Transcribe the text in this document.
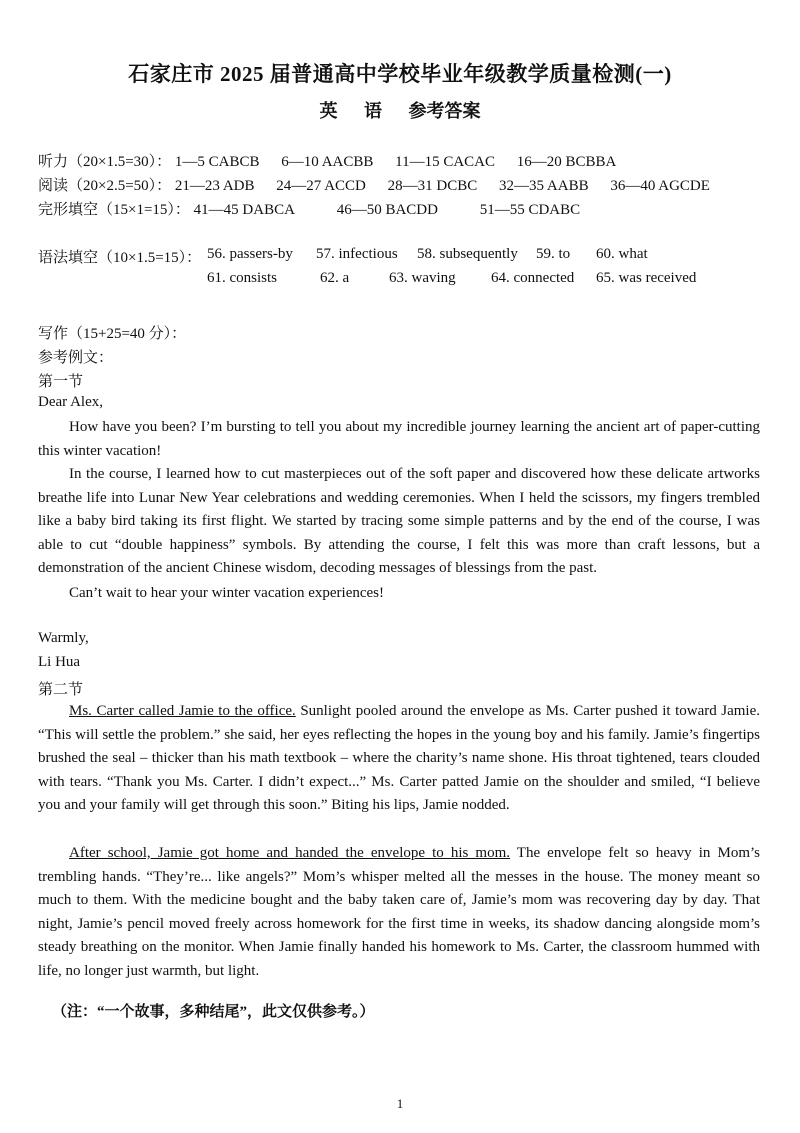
石家庄市 2025 届普通高中学校毕业年级教学质量检测(一)
英 语 参考答案
听力（20×1.5=30）： 1—5 CABCB 6—10 AACBB 11—15 CACAC 16—20 BCBBA
阅读（20×2.5=50）： 21—23 ADB 24—27 ACCD 28—31 DCBC 32—35 AABB 36—40 AGCDE
完形填空（15×1=15）： 41—45 DABCA	46—50 BACDD	51—55 CDABC
语法填空（10×1.5=15）： 56. passers-by 57. infectious 58. subsequently 59. to 60. what
61. consists	62. a	63. waving 64. connected 65. was received
写作（15+25=40 分）：
参考例文：
第一节
Dear Alex,
How have you been? I’m bursting to tell you about my incredible journey learning the ancient art of paper-cutting this winter vacation!
In the course, I learned how to cut masterpieces out of the soft paper and discovered how these delicate artworks breathe life into Lunar New Year celebrations and wedding ceremonies. When I held the scissors, my fingers trembled like a baby bird taking its first flight. We started by tracing some simple patterns and by the end of the course, I was able to cut “double happiness” symbols. By attending the course, I felt this was more than craft lessons, but a demonstration of the ancient Chinese wisdom, decoding messages of blessings from the past.
Can’t wait to hear your winter vacation experiences!
Warmly,
Li Hua
第二节
Ms. Carter called Jamie to the office. Sunlight pooled around the envelope as Ms. Carter pushed it toward Jamie. “This will settle the problem.” she said, her eyes reflecting the hopes in the young boy and his family. Jamie’s fingertips brushed the seal – thicker than his math textbook – where the charity’s name shone. His throat tightened, tears clouded with tears. “Thank you Ms. Carter. I didn’t expect...” Ms. Carter patted Jamie on the shoulder and smiled, “I believe you and your family will get through this soon.” Biting his lips, Jamie nodded.
After school, Jamie got home and handed the envelope to his mom. The envelope felt so heavy in Mom’s trembling hands. “They’re... like angels?” Mom’s whisper melted all the messes in the house. The money meant so much to them. With the medicine bought and the baby taken care of, Jamie’s mom was recovering day by day. That night, Jamie’s pencil moved freely across homework for the first time in weeks, its shadow dancing alongside mom’s steady breathing on the monitor. When Jamie finally handed his homework to Ms. Carter, the classroom hummed with life, no longer just warmth, but light.
（注：“一个故事，多种结尾”，此文仅供参考。）
1
